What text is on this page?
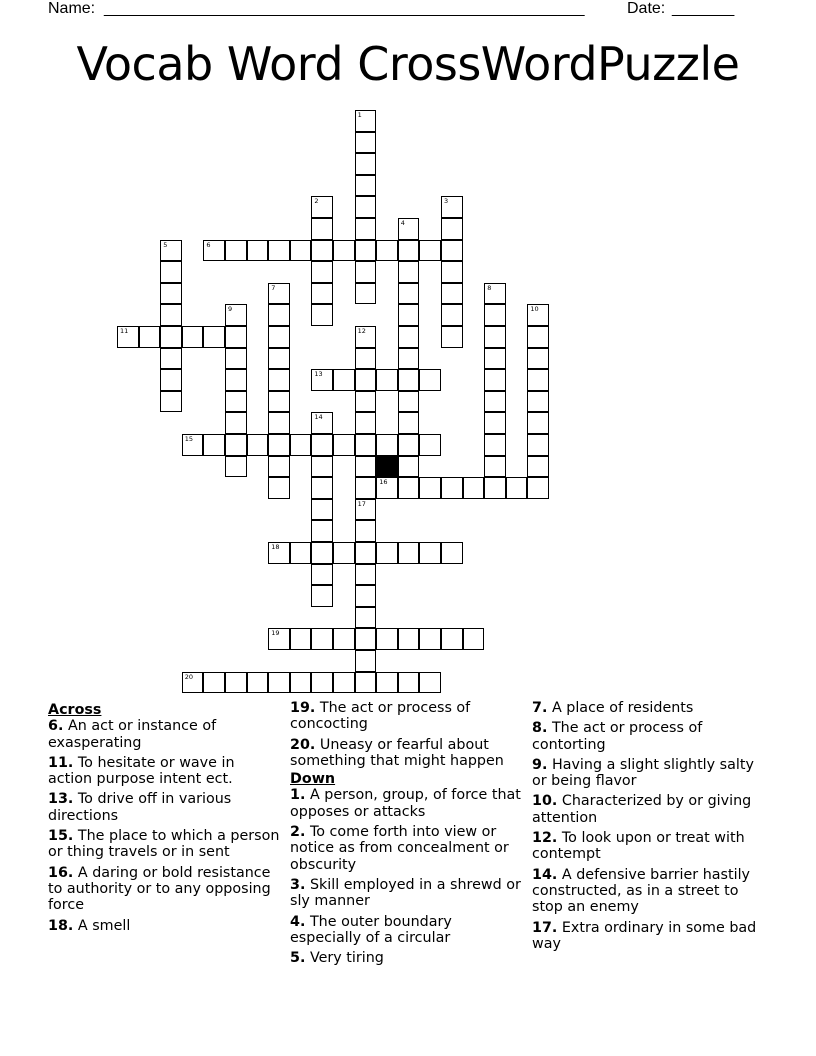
Name: ______________________________________________________	Date: _______
Vocab Word CrossWordPuzzle
1
2	3
4
5	6
7	8
9	10
11	12
13
14
15
16
17
18
19
20
Across
6. An act or instance of exasperating
11. To hesitate or wave in action purpose intent ect.
13. To drive off in various directions
15. The place to which a person or thing travels or in sent
16. A daring or bold resistance to authority or to any opposing force
18. A smell
19. The act or process of concocting
20. Uneasy or fearful about something that might happen
Down
1. A person, group, of force that opposes or attacks
2. To come forth into view or notice as from concealment or obscurity
3. Skill employed in a shrewd or sly manner
4. The outer boundary especially of a circular
5. Very tiring
7. A place of residents
8. The act or process of contorting
9. Having a slight slightly salty or being flavor
10. Characterized by or giving attention
12. To look upon or treat with contempt
14. A defensive barrier hastily constructed, as in a street to stop an enemy
17. Extra ordinary in some bad way
